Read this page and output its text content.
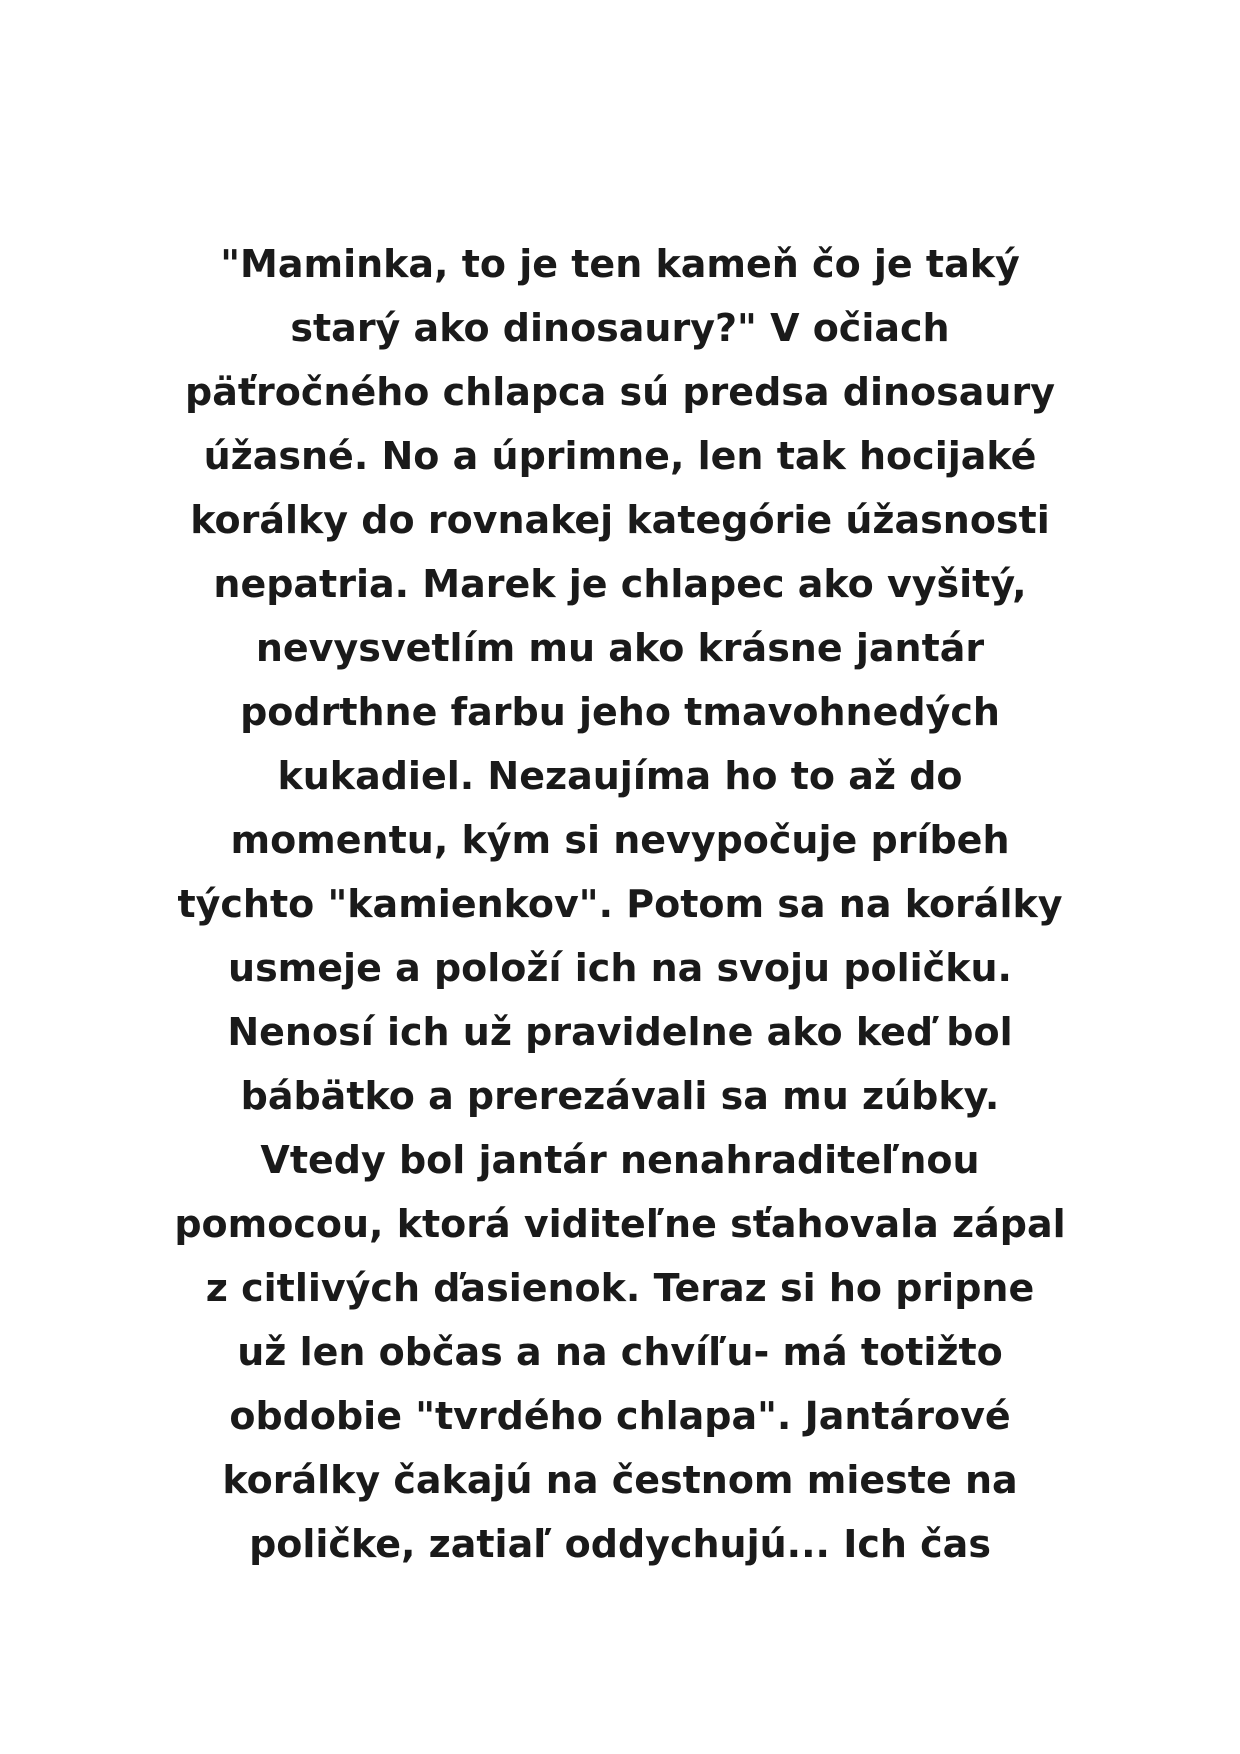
"Maminka, to je ten kameň čo je taký
starý ako dinosaury?" V očiach
päťročného chlapca sú predsa dinosaury
úžasné. No a úprimne, len tak hocijaké
korálky do rovnakej kategórie úžasnosti
nepatria. Marek je chlapec ako vyšitý,
nevysvetlím mu ako krásne jantár
podrthne farbu jeho tmavohnedých
kukadiel. Nezaujíma ho to až do
momentu, kým si nevypočuje príbeh
týchto "kamienkov". Potom sa na korálky
usmeje a položí ich na svoju poličku.
Nenosí ich už pravidelne ako keď bol
bábätko a prerezávali sa mu zúbky.
Vtedy bol jantár nenahraditeľnou
pomocou, ktorá viditeľne sťahovala zápal
z citlivých ďasienok. Teraz si ho pripne
už len občas a na chvíľu- má totižto
obdobie "tvrdého chlapa". Jantárové
korálky čakajú na čestnom mieste na
poličke, zatiaľ oddychujú... Ich čas
